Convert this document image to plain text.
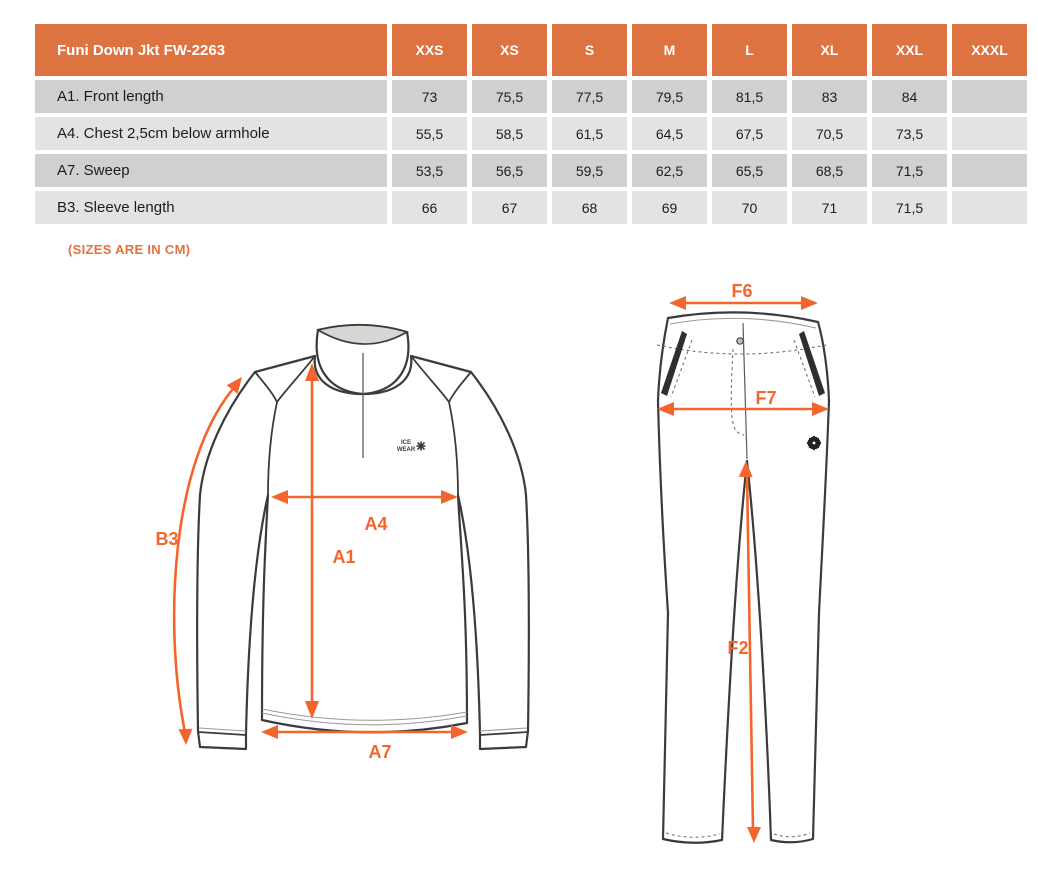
Funi Down Jkt FW-2263	XXS	XS	S	M	L	XL	XXL	XXXL
A1. Front length	73	75,5	77,5	79,5	81,5	83	84	
A4. Chest 2,5cm below armhole	55,5	58,5	61,5	64,5	67,5	70,5	73,5	
A7. Sweep	53,5	56,5	59,5	62,5	65,5	68,5	71,5	
B3. Sleeve length	66	67	68	69	70	71	71,5	
(SIZES ARE IN CM)
ICE
WEAR
B3
A1
A4
A7
F6
F7
F2
